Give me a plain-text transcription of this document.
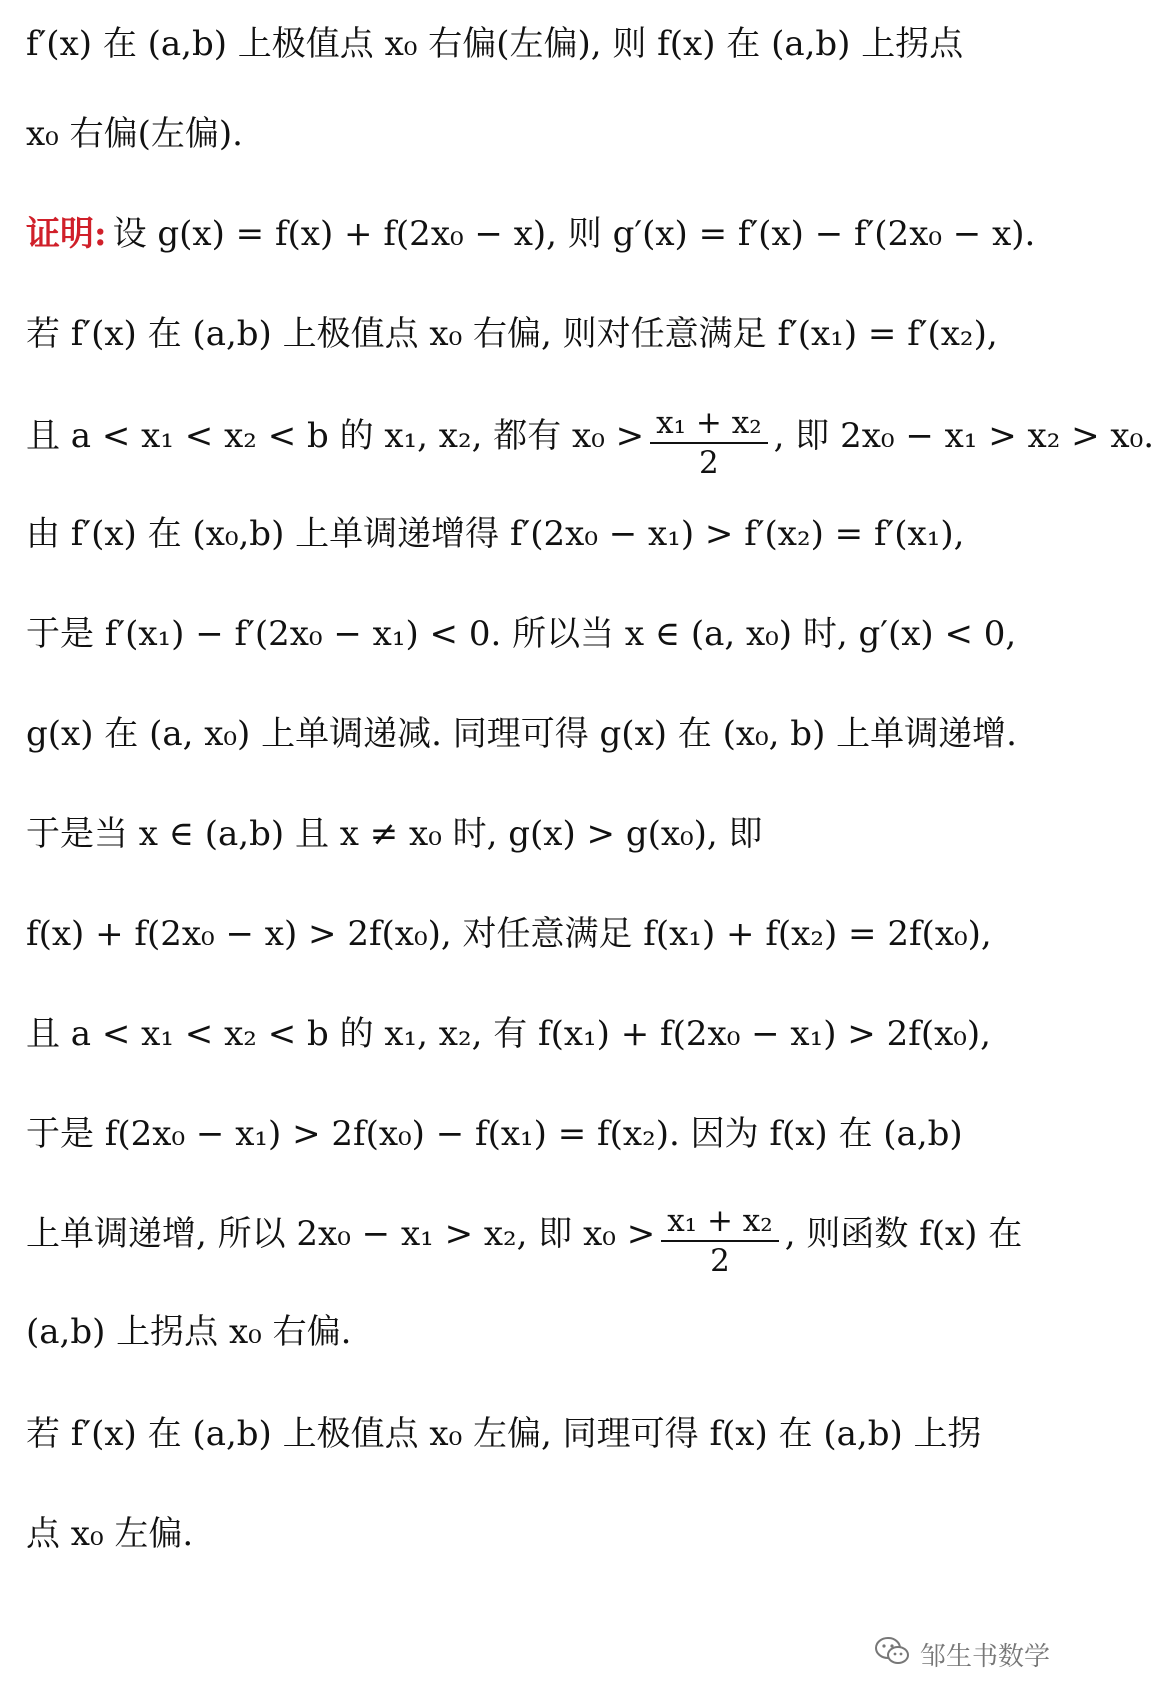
f′(x) 在 (a,b) 上极值点 x₀ 右偏(左偏), 则 f(x) 在 (a,b) 上拐点
x₀ 右偏(左偏).
证明: 设 g(x) = f(x) + f(2x₀ − x), 则 g′(x) = f′(x) − f′(2x₀ − x).
若 f′(x) 在 (a,b) 上极值点 x₀ 右偏, 则对任意满足 f′(x₁) = f′(x₂),
且 a < x₁ < x₂ < b 的 x₁, x₂, 都有 $x_0 > \frac{\text{x₁ + x₂}}{2}$ , 即 2x₀ − x₁ > x₂ > x₀.
由 f′(x) 在 (x₀,b) 上单调递增得 f′(2x₀ − x₁) > f′(x₂) = f′(x₁),
于是 f′(x₁) − f′(2x₀ − x₁) < 0. 所以当 x ∈ (a, x₀) 时, g′(x) < 0,
g(x) 在 (a, x₀) 上单调递减. 同理可得 g(x) 在 (x₀, b) 上单调递增.
于是当 x ∈ (a,b) 且 x ≠ x₀ 时, g(x) > g(x₀), 即
f(x) + f(2x₀ − x) > 2f(x₀), 对任意满足 f(x₁) + f(x₂) = 2f(x₀),
且 a < x₁ < x₂ < b 的 x₁, x₂, 有 f(x₁) + f(2x₀ − x₁) > 2f(x₀),
于是 f(2x₀ − x₁) > 2f(x₀) − f(x₁) = f(x₂). 因为 f(x) 在 (a,b)
上单调递增, 所以 2x₀ − x₁ > x₂, 即 $x_0 > \frac{\text{x₁ + x₂}}{2}$ , 则函数 f(x) 在
(a,b) 上拐点 x₀ 右偏.
若 f′(x) 在 (a,b) 上极值点 x₀ 左偏, 同理可得 f(x) 在 (a,b) 上拐
点 x₀ 左偏.
邹生书数学
